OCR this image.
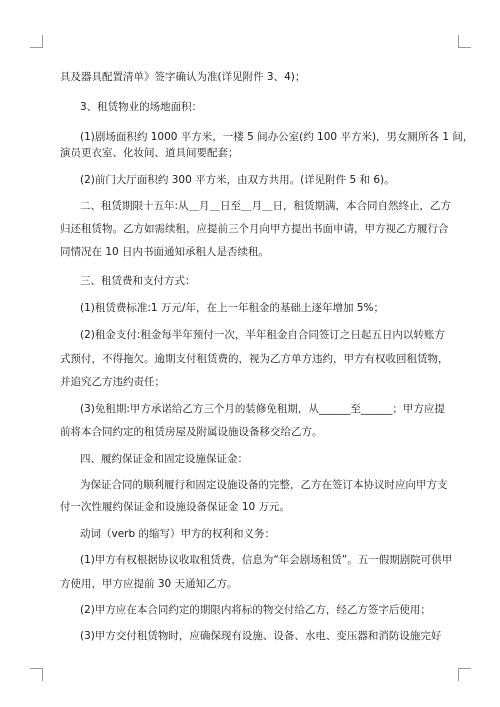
具及器具配置清单》签字确认为准(详见附件 3、4)；
3、租赁物业的场地面积：
(1)剧场面积约 1000 平方米，一楼 5 间办公室(约 100 平方米)，男女厕所各 1 间，
演员更衣室、化妆间、道具间要配套；
(2)前门大厅面积约 300 平方米，由双方共用。(详见附件 5 和 6)。
二、租赁期限十五年:从＿月＿日至＿月＿日，租赁期满，本合同自然终止，乙方
归还租赁物。乙方如需续租，应提前三个月向甲方提出书面申请，甲方视乙方履行合
同情况在 10 日内书面通知承租人是否续租。
三、租赁费和支付方式：
(1)租赁费标准:1 万元/年，在上一年租金的基础上逐年增加 5%；
(2)租金支付:租金每半年预付一次，半年租金自合同签订之日起五日内以转账方
式预付，不得拖欠。逾期支付租赁费的，视为乙方单方违约，甲方有权收回租赁物，
并追究乙方违约责任；
(3)免租期:甲方承诺给乙方三个月的装修免租期，从______至______；甲方应提
前将本合同约定的租赁房屋及附属设施设备移交给乙方。
四、履约保证金和固定设施保证金：
为保证合同的顺利履行和固定设施设备的完整，乙方在签订本协议时应向甲方支
付一次性履约保证金和设施设备保证金 10 万元。
动词（verb 的缩写）甲方的权利和义务：
(1)甲方有权根据协议收取租赁费，信息为“年会剧场租赁”。五一假期剧院可供甲
方使用，甲方应提前 30 天通知乙方。
(2)甲方应在本合同约定的期限内将标的物交付给乙方，经乙方签字后使用；
(3)甲方交付租赁物时，应确保现有设施、设备、水电、变压器和消防设施完好
